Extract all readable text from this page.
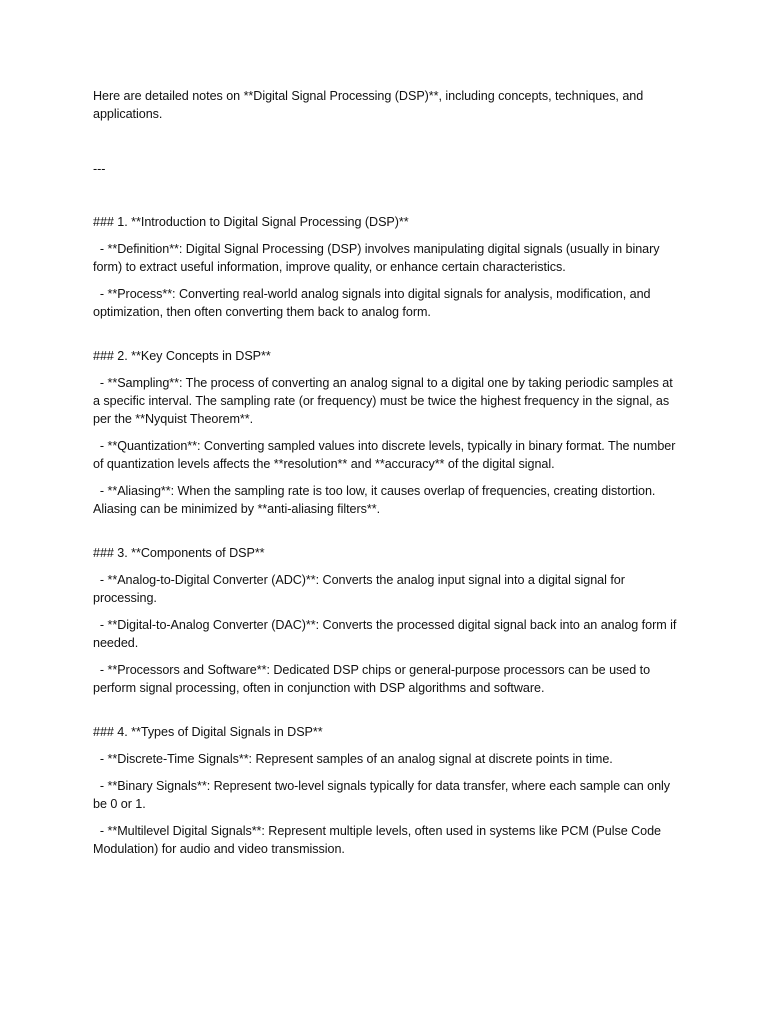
Here are detailed notes on **Digital Signal Processing (DSP)**, including concepts, techniques, and applications.

---

### 1. **Introduction to Digital Signal Processing (DSP)**

- **Definition**: Digital Signal Processing (DSP) involves manipulating digital signals (usually in binary form) to extract useful information, improve quality, or enhance certain characteristics.

- **Process**: Converting real-world analog signals into digital signals for analysis, modification, and optimization, then often converting them back to analog form.

### 2. **Key Concepts in DSP**

- **Sampling**: The process of converting an analog signal to a digital one by taking periodic samples at a specific interval. The sampling rate (or frequency) must be twice the highest frequency in the signal, as per the **Nyquist Theorem**.

- **Quantization**: Converting sampled values into discrete levels, typically in binary format. The number of quantization levels affects the **resolution** and **accuracy** of the digital signal.

- **Aliasing**: When the sampling rate is too low, it causes overlap of frequencies, creating distortion. Aliasing can be minimized by **anti-aliasing filters**.

### 3. **Components of DSP**

- **Analog-to-Digital Converter (ADC)**: Converts the analog input signal into a digital signal for processing.

- **Digital-to-Analog Converter (DAC)**: Converts the processed digital signal back into an analog form if needed.

- **Processors and Software**: Dedicated DSP chips or general-purpose processors can be used to perform signal processing, often in conjunction with DSP algorithms and software.

### 4. **Types of Digital Signals in DSP**

- **Discrete-Time Signals**: Represent samples of an analog signal at discrete points in time.

- **Binary Signals**: Represent two-level signals typically for data transfer, where each sample can only be 0 or 1.

- **Multilevel Digital Signals**: Represent multiple levels, often used in systems like PCM (Pulse Code Modulation) for audio and video transmission.
